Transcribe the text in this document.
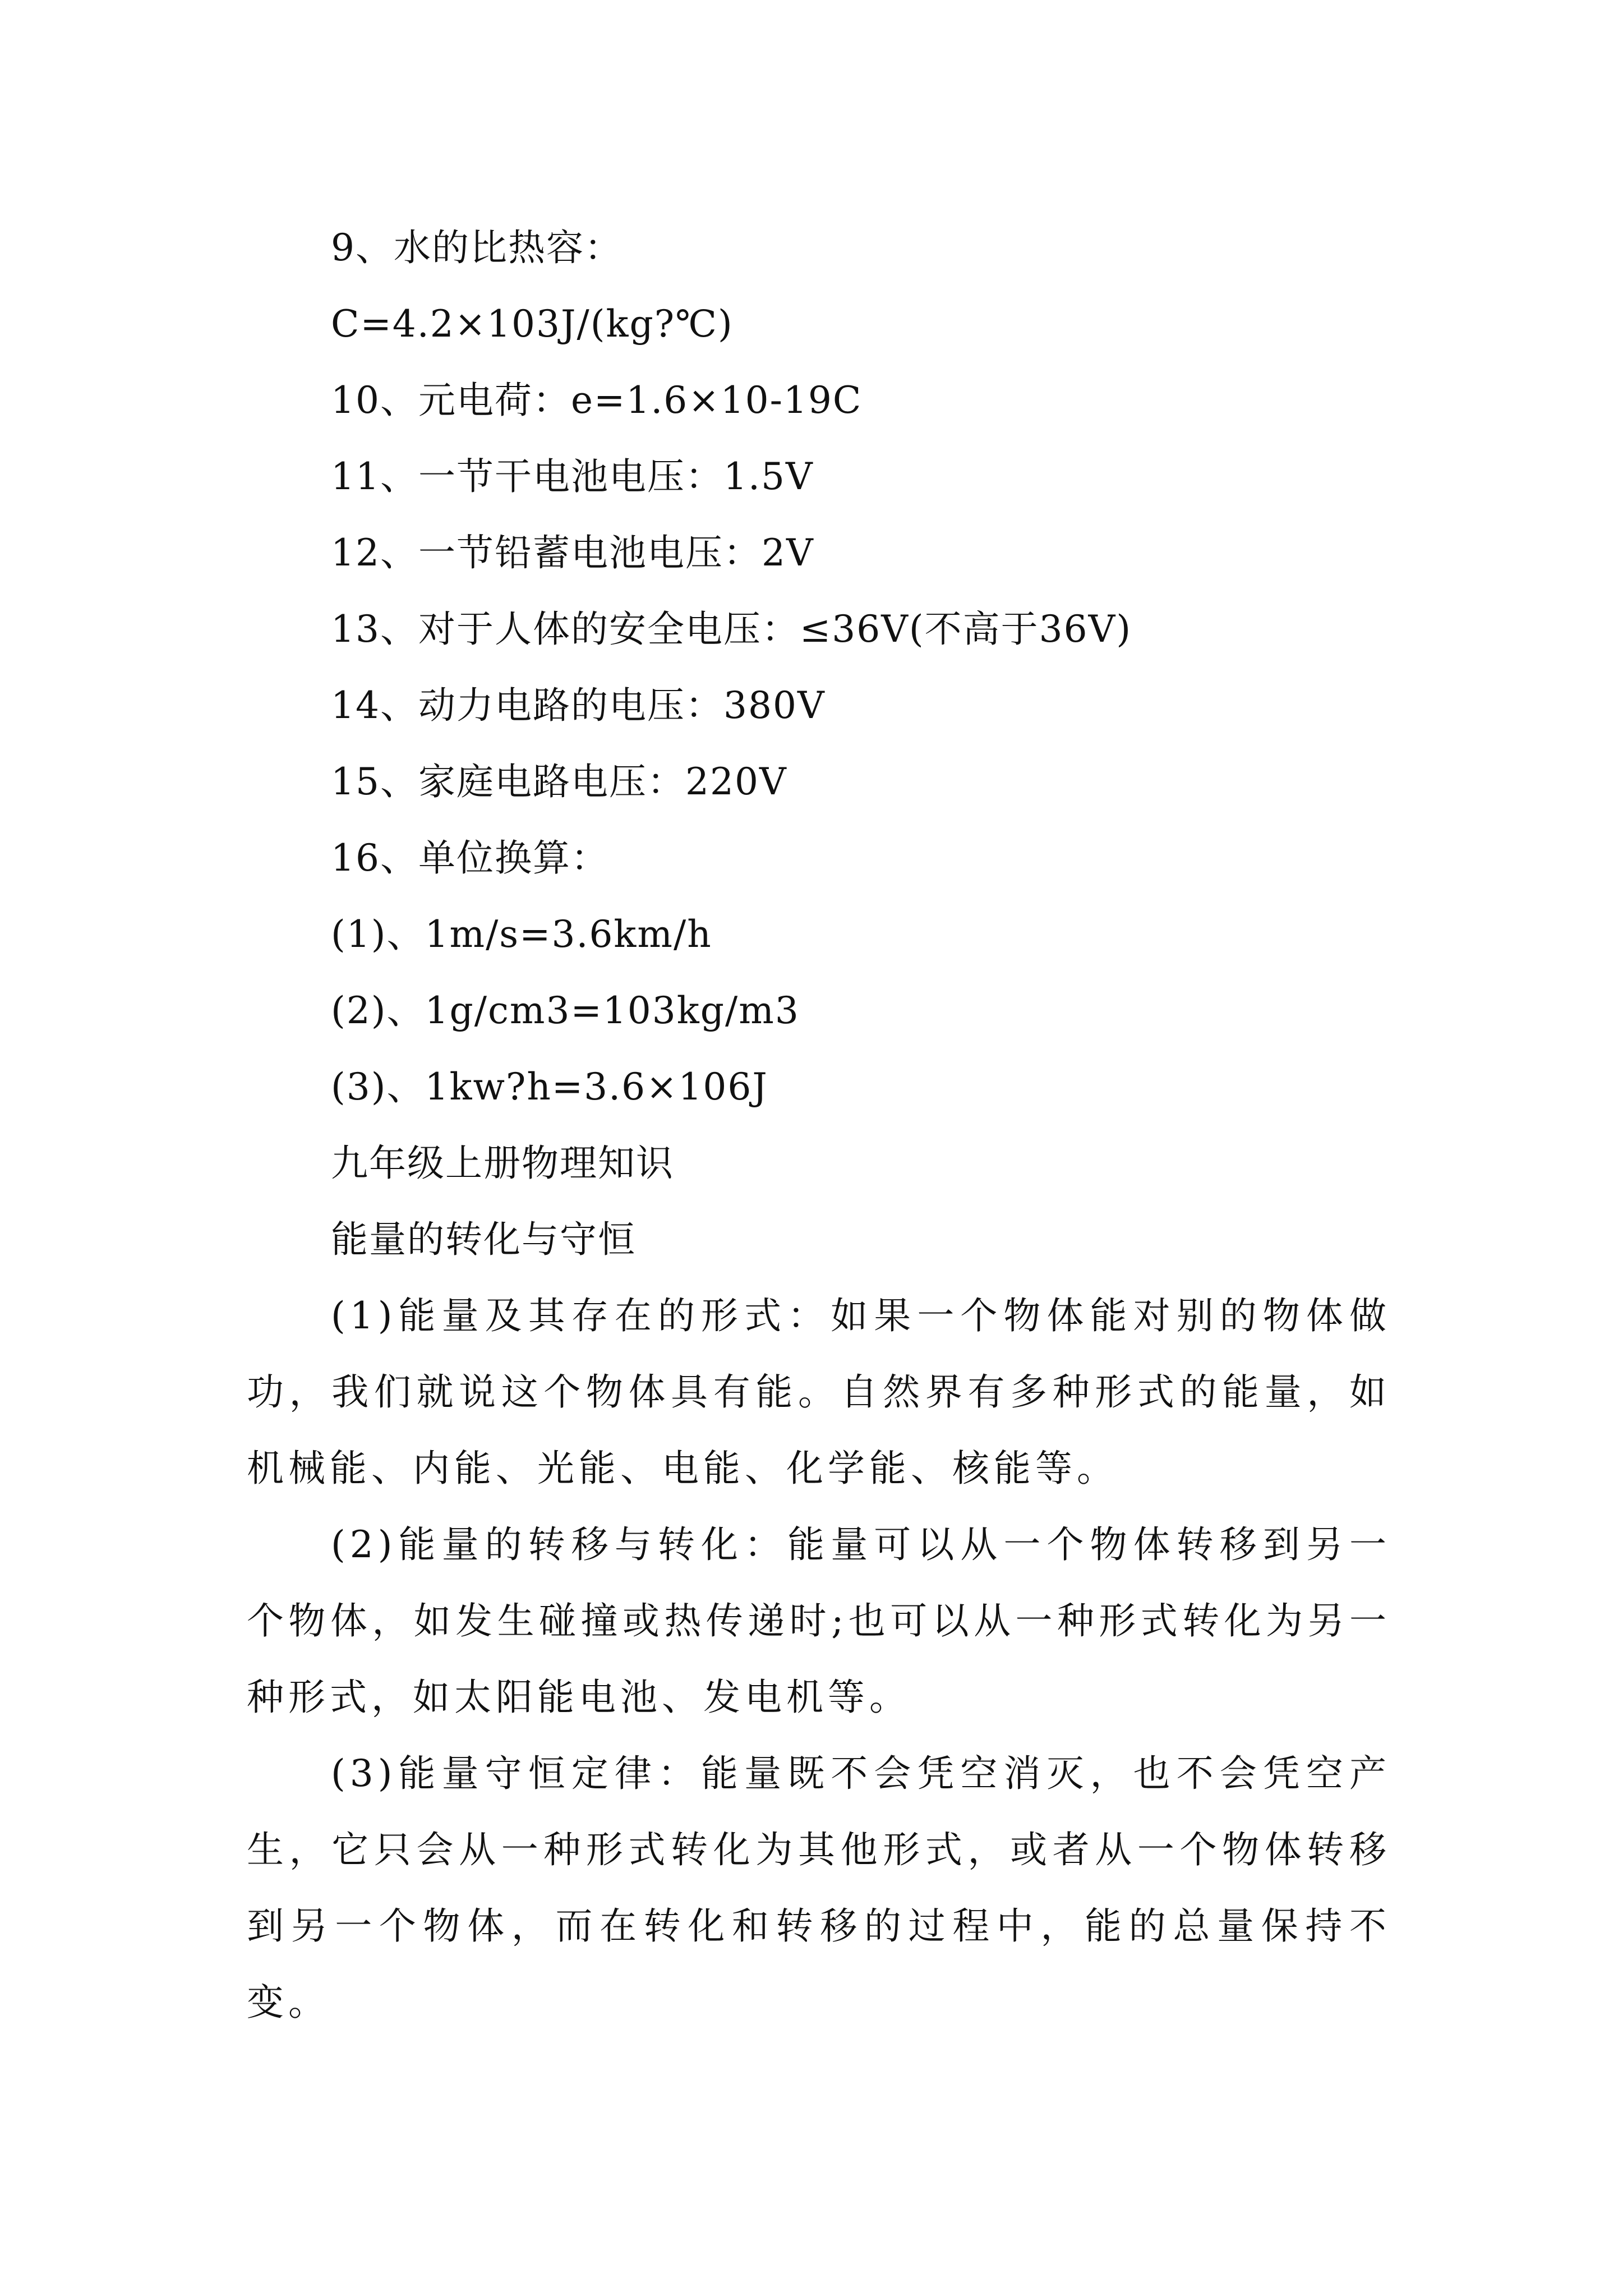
9、水的比热容：
C=4.2×103J/(kg?℃)
10、元电荷：e=1.6×10-19C
11、一节干电池电压：1.5V
12、一节铅蓄电池电压：2V
13、对于人体的安全电压：≤36V(不高于36V)
14、动力电路的电压：380V
15、家庭电路电压：220V
16、单位换算：
(1)、1m/s=3.6km/h
(2)、1g/cm3=103kg/m3
(3)、1kw?h=3.6×106J
九年级上册物理知识
能量的转化与守恒

(1)能量及其存在的形式：如果一个物体能对别的物体做功，我们就说这个物体具有能。自然界有多种形式的能量，如机械能、内能、光能、电能、化学能、核能等。

(2)能量的转移与转化：能量可以从一个物体转移到另一个物体，如发生碰撞或热传递时;也可以从一种形式转化为另一种形式，如太阳能电池、发电机等。

(3)能量守恒定律：能量既不会凭空消灭，也不会凭空产生，它只会从一种形式转化为其他形式，或者从一个物体转移到另一个物体，而在转化和转移的过程中，能的总量保持不变。
